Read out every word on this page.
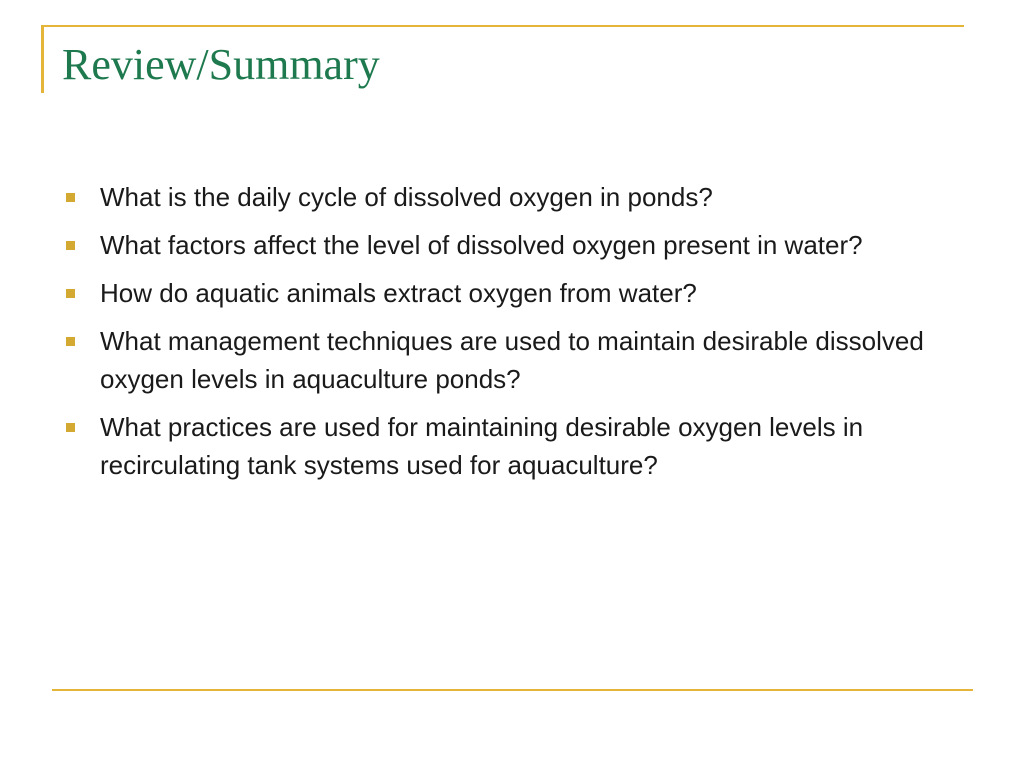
Review/Summary
What is the daily cycle of dissolved oxygen in ponds?
What factors affect the level of dissolved oxygen present in water?
How do aquatic animals extract oxygen from water?
What management techniques are used to maintain desirable dissolved oxygen levels in aquaculture ponds?
What practices are used for maintaining desirable oxygen levels in recirculating tank systems used for aquaculture?
